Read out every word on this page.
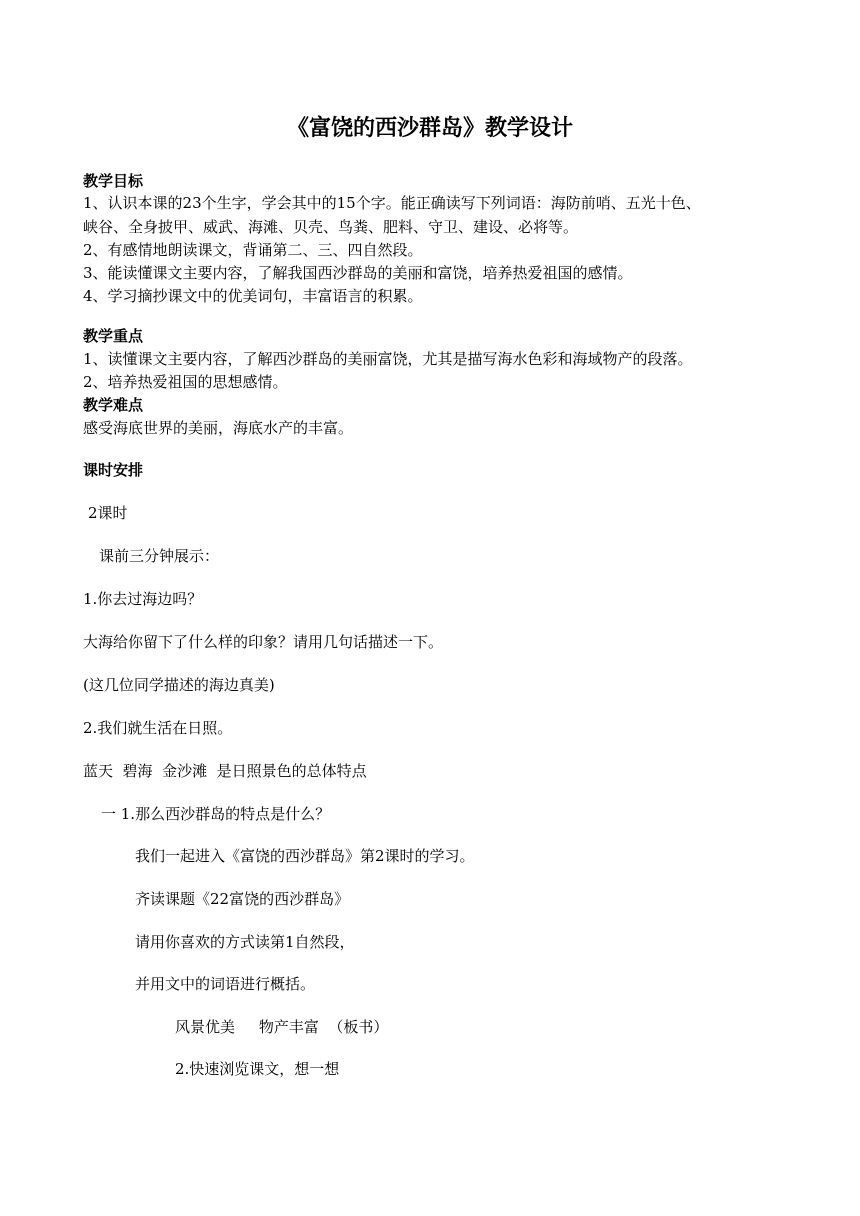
《富饶的西沙群岛》教学设计
教学目标
1、认识本课的23个生字，学会其中的15个字。能正确读写下列词语：海防前哨、五光十色、
峡谷、全身披甲、威武、海滩、贝壳、鸟粪、肥料、守卫、建设、必将等。
2、有感情地朗读课文，背诵第二、三、四自然段。
3、能读懂课文主要内容，了解我国西沙群岛的美丽和富饶，培养热爱祖国的感情。
4、学习摘抄课文中的优美词句，丰富语言的积累。
教学重点
1、读懂课文主要内容，了解西沙群岛的美丽富饶，尤其是描写海水色彩和海域物产的段落。
2、培养热爱祖国的思想感情。
教学难点
感受海底世界的美丽，海底水产的丰富。
课时安排
2课时
课前三分钟展示：
1.你去过海边吗？
大海给你留下了什么样的印象？请用几句话描述一下。
(这几位同学描述的海边真美)
2.我们就生活在日照。
蓝天  碧海  金沙滩  是日照景色的总体特点
一 1.那么西沙群岛的特点是什么？
我们一起进入《富饶的西沙群岛》第2课时的学习。
齐读课题《22富饶的西沙群岛》
请用你喜欢的方式读第1自然段，
并用文中的词语进行概括。
风景优美     物产丰富  （板书）
2.快速浏览课文，想一想
